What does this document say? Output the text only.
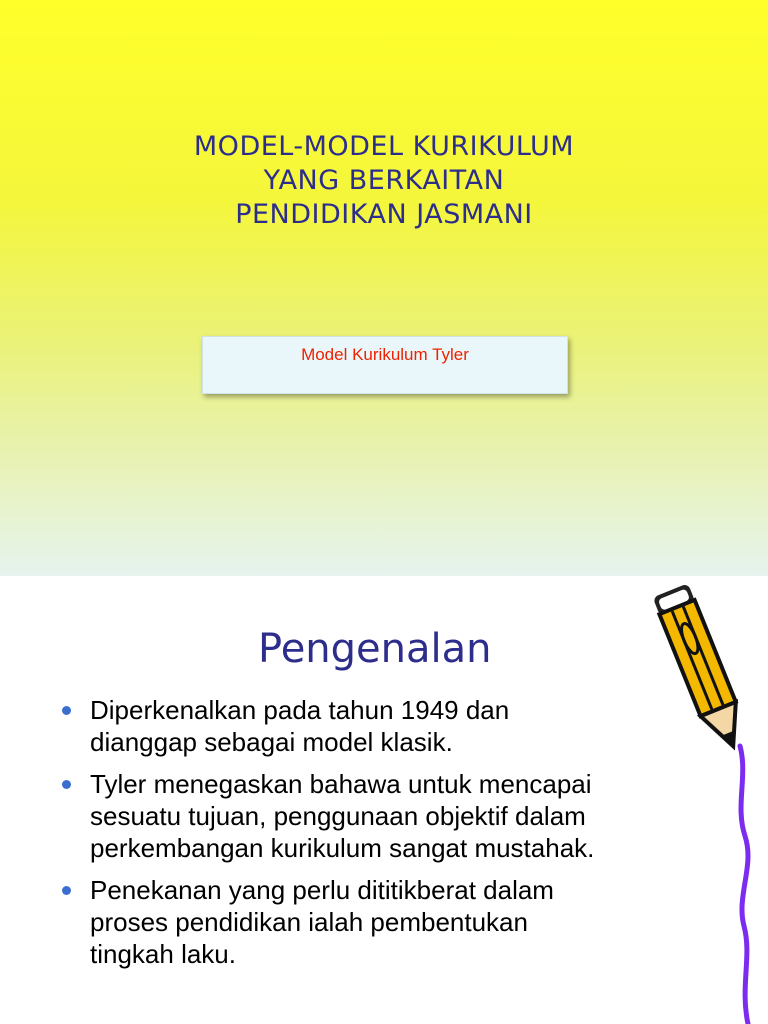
MODEL-MODEL KURIKULUM
YANG BERKAITAN
PENDIDIKAN JASMANI
Model Kurikulum Tyler
Pengenalan
Diperkenalkan pada tahun 1949 dan
dianggap sebagai model klasik.
Tyler menegaskan bahawa untuk mencapai
sesuatu tujuan, penggunaan objektif dalam
perkembangan kurikulum sangat mustahak.
Penekanan yang perlu dititikberat dalam
proses pendidikan ialah pembentukan
tingkah laku.
